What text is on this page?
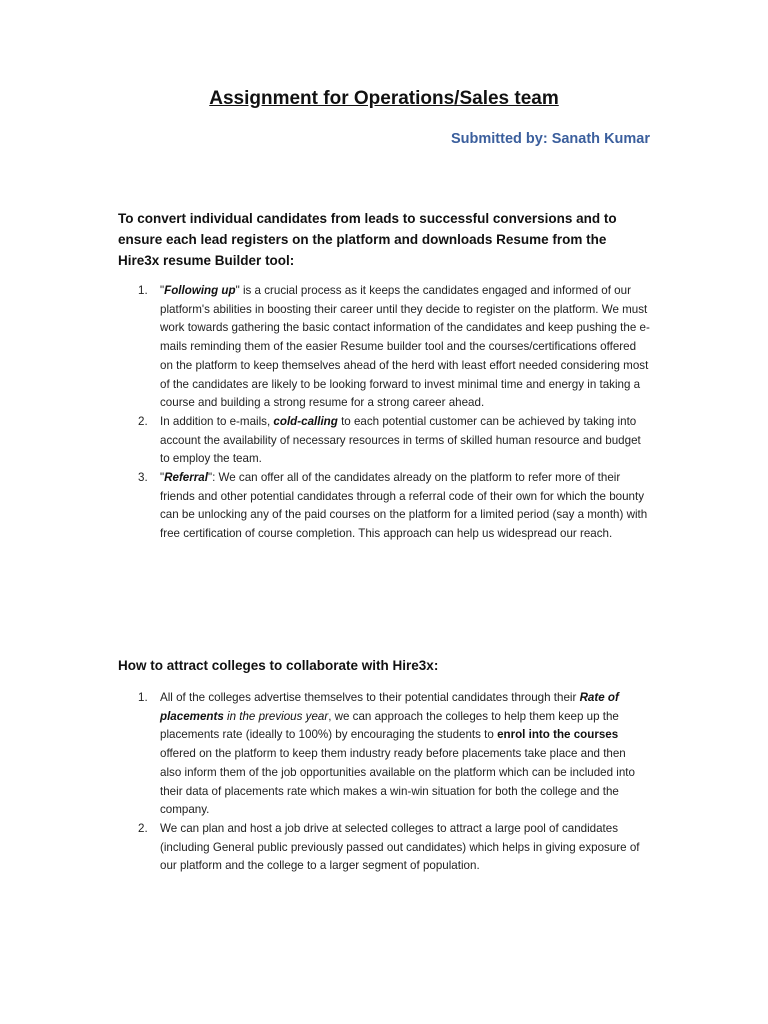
Assignment for Operations/Sales team
Submitted by: Sanath Kumar
To convert individual candidates from leads to successful conversions and to ensure each lead registers on the platform and downloads Resume from the Hire3x resume Builder tool:
1. "Following up" is a crucial process as it keeps the candidates engaged and informed of our platform's abilities in boosting their career until they decide to register on the platform. We must work towards gathering the basic contact information of the candidates and keep pushing the e-mails reminding them of the easier Resume builder tool and the courses/certifications offered on the platform to keep themselves ahead of the herd with least effort needed considering most of the candidates are likely to be looking forward to invest minimal time and energy in taking a course and building a strong resume for a strong career ahead.
2. In addition to e-mails, cold-calling to each potential customer can be achieved by taking into account the availability of necessary resources in terms of skilled human resource and budget to employ the team.
3. "Referral": We can offer all of the candidates already on the platform to refer more of their friends and other potential candidates through a referral code of their own for which the bounty can be unlocking any of the paid courses on the platform for a limited period (say a month) with free certification of course completion. This approach can help us widespread our reach.
How to attract colleges to collaborate with Hire3x:
1. All of the colleges advertise themselves to their potential candidates through their Rate of placements in the previous year, we can approach the colleges to help them keep up the placements rate (ideally to 100%) by encouraging the students to enrol into the courses offered on the platform to keep them industry ready before placements take place and then also inform them of the job opportunities available on the platform which can be included into their data of placements rate which makes a win-win situation for both the college and the company.
2. We can plan and host a job drive at selected colleges to attract a large pool of candidates (including General public previously passed out candidates) which helps in giving exposure of our platform and the college to a larger segment of population.
